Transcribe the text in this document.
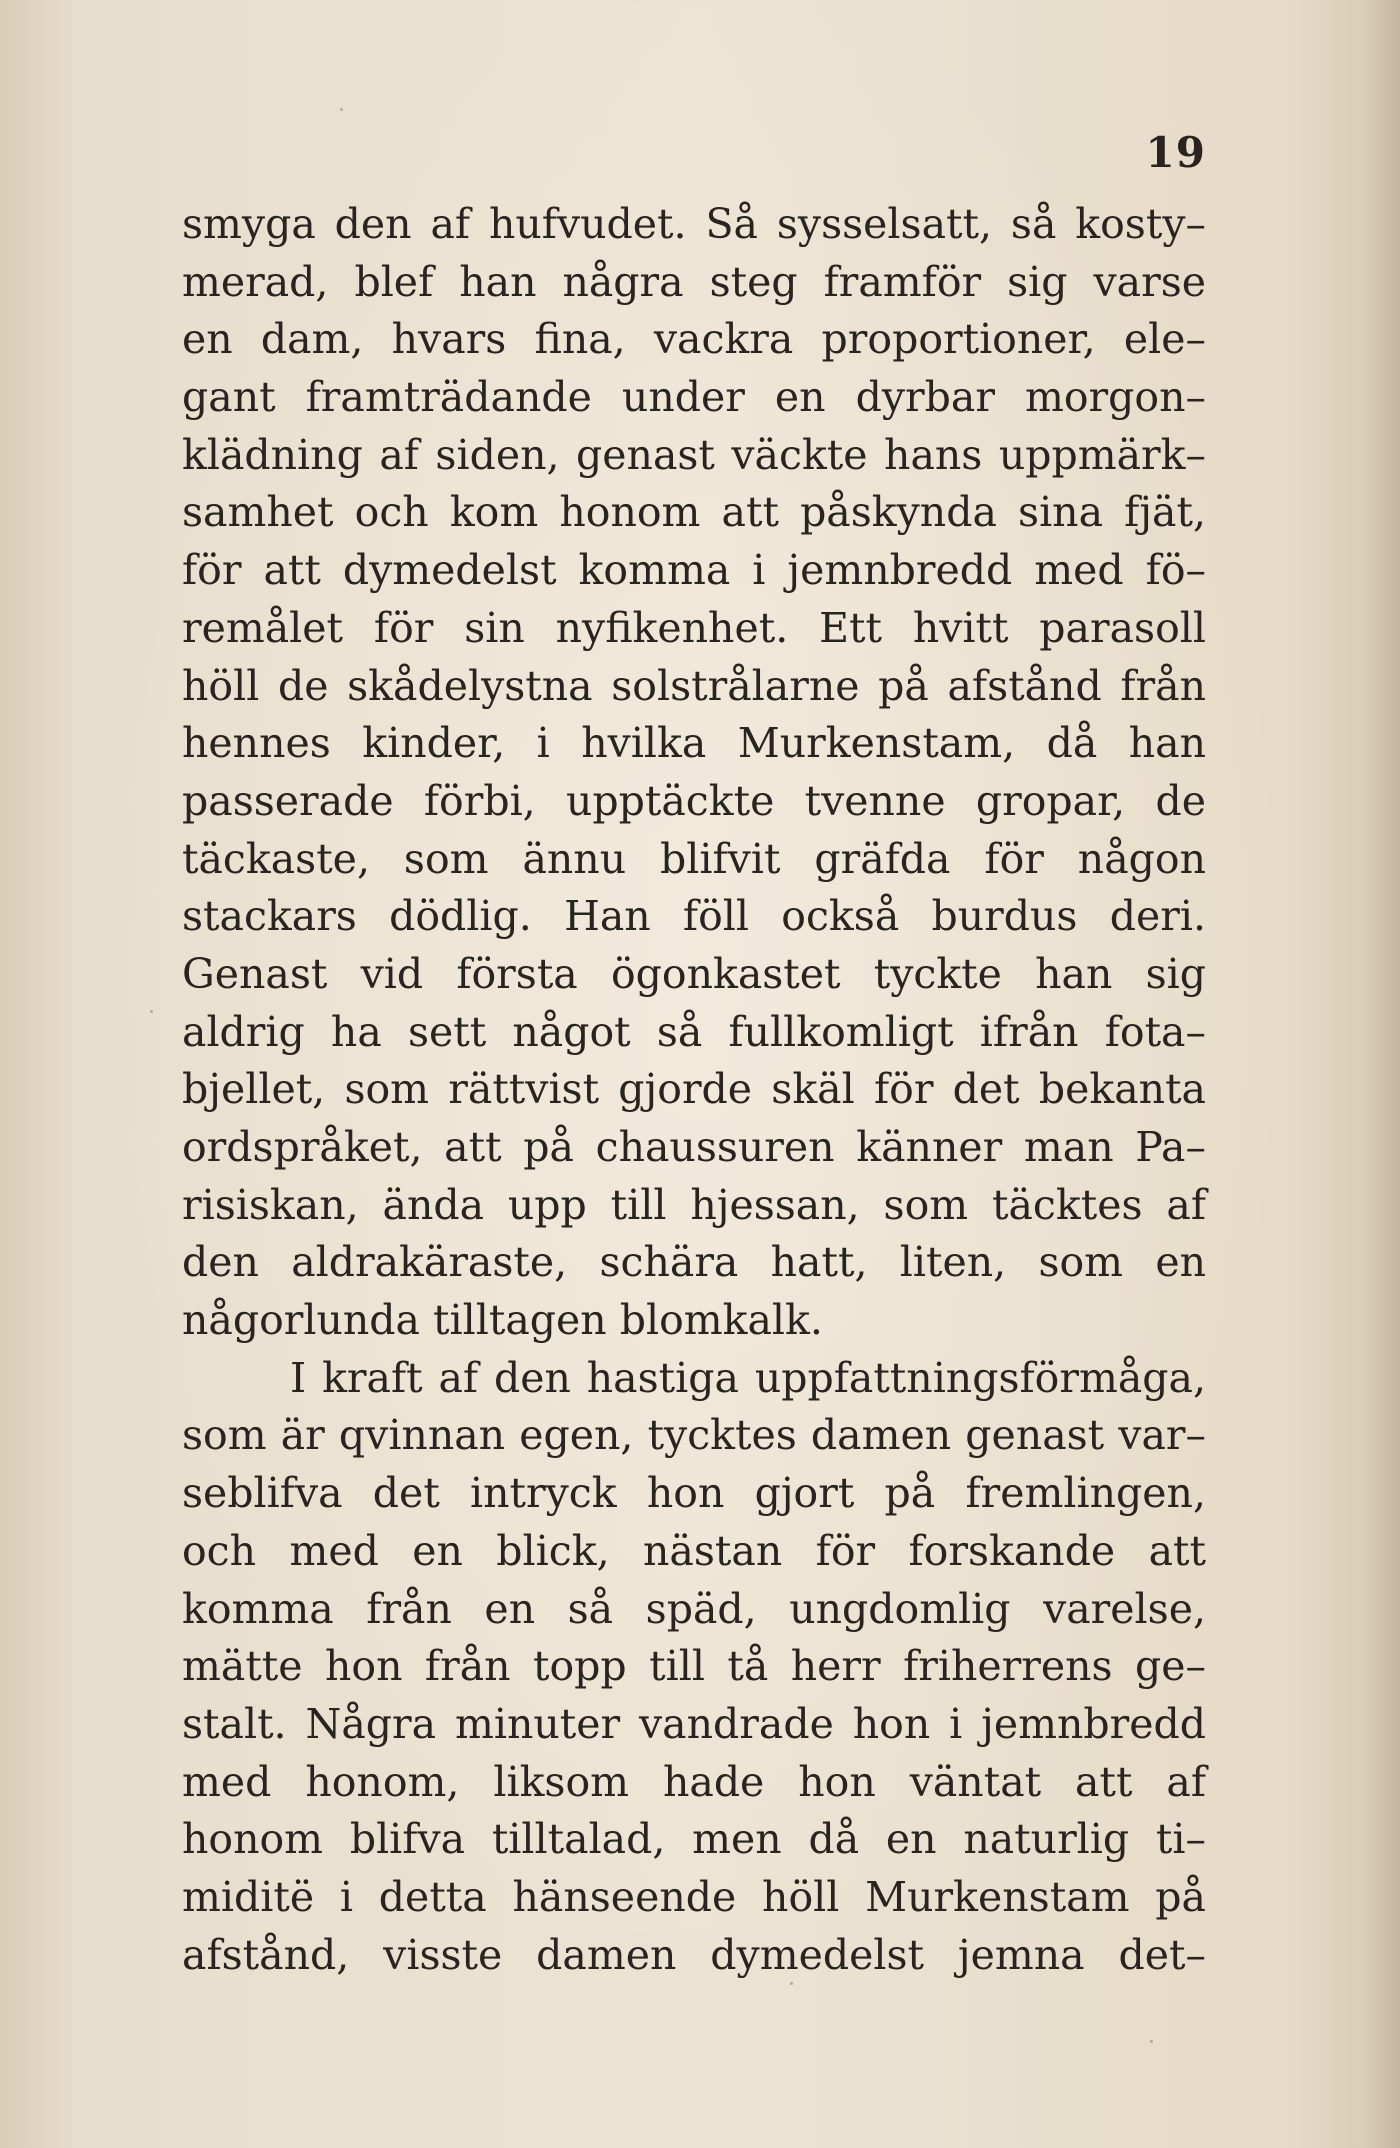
19
smyga den af hufvudet. Så sysselsatt, så kosty–
merad, blef han några steg framför sig varse
en dam, hvars fina, vackra proportioner, ele–
gant framträdande under en dyrbar morgon–
klädning af siden, genast väckte hans uppmärk–
samhet och kom honom att påskynda sina fjät,
för att dymedelst komma i jemnbredd med fö–
remålet för sin nyfikenhet. Ett hvitt parasoll
höll de skådelystna solstrålarne på afstånd från
hennes kinder, i hvilka Murkenstam, då han
passerade förbi, upptäckte tvenne gropar, de
täckaste, som ännu blifvit gräfda för någon
stackars dödlig. Han föll också burdus deri.
Genast vid första ögonkastet tyckte han sig
aldrig ha sett något så fullkomligt ifrån fota–
bjellet, som rättvist gjorde skäl för det bekanta
ordspråket, att på chaussuren känner man Pa–
risiskan, ända upp till hjessan, som täcktes af
den aldrakäraste, schära hatt, liten, som en
någorlunda tilltagen blomkalk.
I kraft af den hastiga uppfattningsförmåga,
som är qvinnan egen, tycktes damen genast var–
seblifva det intryck hon gjort på fremlingen,
och med en blick, nästan för forskande att
komma från en så späd, ungdomlig varelse,
mätte hon från topp till tå herr friherrens ge–
stalt. Några minuter vandrade hon i jemnbredd
med honom, liksom hade hon väntat att af
honom blifva tilltalad, men då en naturlig ti–
miditë i detta hänseende höll Murkenstam på
afstånd, visste damen dymedelst jemna det–
